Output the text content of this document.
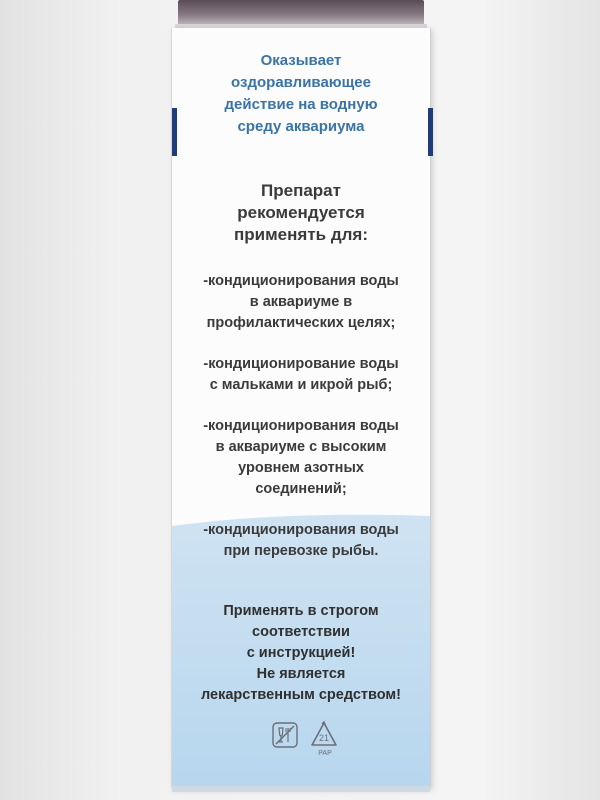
Оказывает
оздоравливающее
действие на водную
среду аквариума
Препарат
рекомендуется
применять для:
-кондиционирования воды
в аквариуме в
профилактических целях;
-кондиционирование воды
с мальками и икрой рыб;
-кондиционирования воды
в аквариуме с высоким
уровнем азотных
соединений;
-кондиционирования воды
при перевозке рыбы.
Применять в строгом
соответствии
с инструкцией!
Не является
лекарственным средством!
21
PAP
